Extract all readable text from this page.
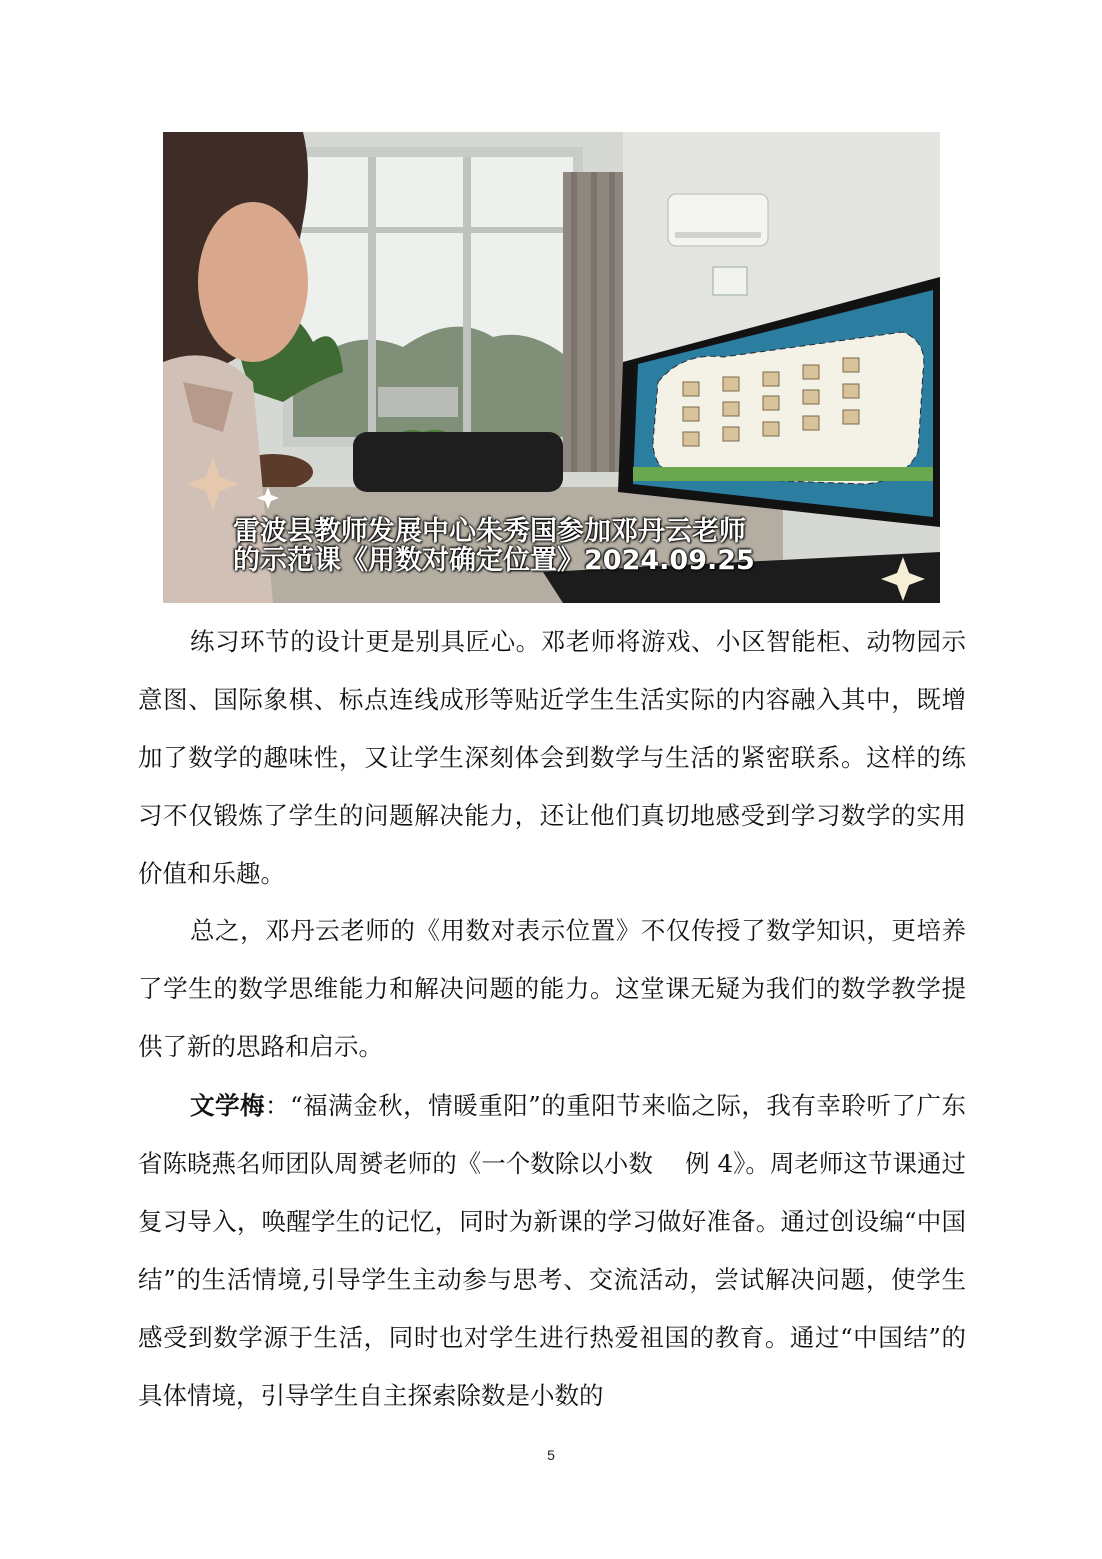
雷波县教师发展中心朱秀国参加邓丹云老师
的示范课《用数对确定位置》2024.09.25

练习环节的设计更是别具匠心。邓老师将游戏、小区智能柜、动物园示意图、国际象棋、标点连线成形等贴近学生生活实际的内容融入其中，既增加了数学的趣味性，又让学生深刻体会到数学与生活的紧密联系。这样的练习不仅锻炼了学生的问题解决能力，还让他们真切地感受到学习数学的实用价值和乐趣。

总之，邓丹云老师的《用数对表示位置》不仅传授了数学知识，更培养了学生的数学思维能力和解决问题的能力。这堂课无疑为我们的数学教学提供了新的思路和启示。

文学梅：“福满金秋，情暖重阳”的重阳节来临之际，我有幸聆听了广东省陈晓燕名师团队周赟老师的《一个数除以小数　 例 4》。周老师这节课通过复习导入，唤醒学生的记忆，同时为新课的学习做好准备。通过创设编“中国结”的生活情境,引导学生主动参与思考、交流活动，尝试解决问题，使学生感受到数学源于生活，同时也对学生进行热爱祖国的教育。通过“中国结”的具体情境，引导学生自主探索除数是小数的

5
